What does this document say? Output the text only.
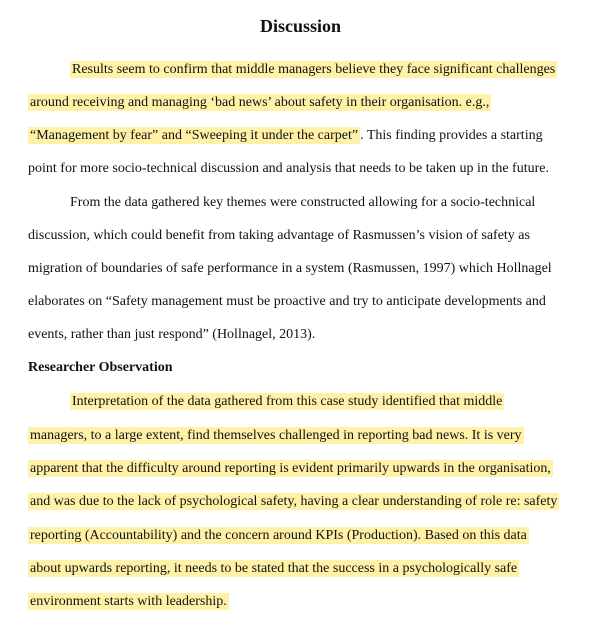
Discussion
Results seem to confirm that middle managers believe they face significant challenges
around receiving and managing ‘bad news’ about safety in their organisation. e.g.,
“Management by fear” and “Sweeping it under the carpet” . This finding provides a starting
point for more socio-technical discussion and analysis that needs to be taken up in the future.
From the data gathered key themes were constructed allowing for a socio-technical
discussion, which could benefit from taking advantage of Rasmussen’s vision of safety as
migration of boundaries of safe performance in a system (Rasmussen, 1997) which Hollnagel
elaborates on “Safety management must be proactive and try to anticipate developments and
events, rather than just respond” (Hollnagel, 2013).
Researcher Observation
Interpretation of the data gathered from this case study identified that middle
managers, to a large extent, find themselves challenged in reporting bad news. It is very
apparent that the difficulty around reporting is evident primarily upwards in the organisation,
and was due to the lack of psychological safety, having a clear understanding of role re: safety
reporting (Accountability) and the concern around KPIs (Production). Based on this data
about upwards reporting, it needs to be stated that the success in a psychologically safe
environment starts with leadership.
